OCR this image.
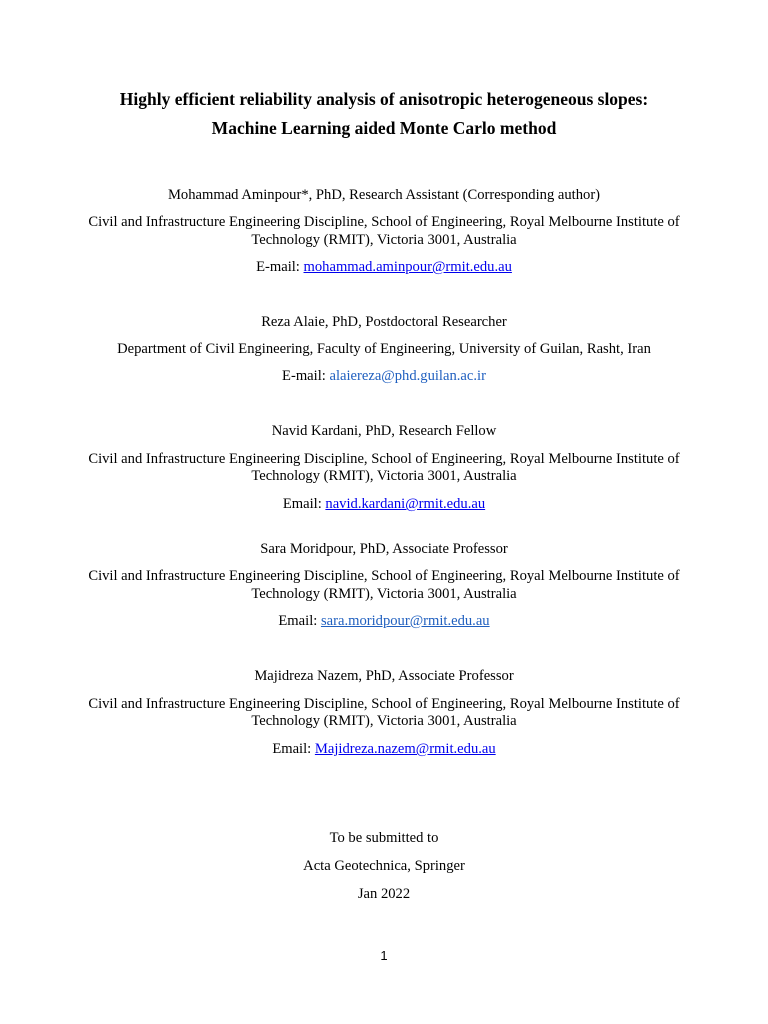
Highly efficient reliability analysis of anisotropic heterogeneous slopes:

Machine Learning aided Monte Carlo method

Mohammad Aminpour*, PhD, Research Assistant (Corresponding author)

Civil and Infrastructure Engineering Discipline, School of Engineering, Royal Melbourne Institute of

Technology (RMIT), Victoria 3001, Australia

E-mail: mohammad.aminpour@rmit.edu.au

Reza Alaie, PhD, Postdoctoral Researcher

Department of Civil Engineering, Faculty of Engineering, University of Guilan, Rasht, Iran

E-mail: alaiereza@phd.guilan.ac.ir

Navid Kardani, PhD, Research Fellow

Civil and Infrastructure Engineering Discipline, School of Engineering, Royal Melbourne Institute of

Technology (RMIT), Victoria 3001, Australia

Email: navid.kardani@rmit.edu.au

Sara Moridpour, PhD, Associate Professor

Civil and Infrastructure Engineering Discipline, School of Engineering, Royal Melbourne Institute of

Technology (RMIT), Victoria 3001, Australia

Email: sara.moridpour@rmit.edu.au

Majidreza Nazem, PhD, Associate Professor

Civil and Infrastructure Engineering Discipline, School of Engineering, Royal Melbourne Institute of

Technology (RMIT), Victoria 3001, Australia

Email: Majidreza.nazem@rmit.edu.au

To be submitted to

Acta Geotechnica, Springer

Jan 2022

1
